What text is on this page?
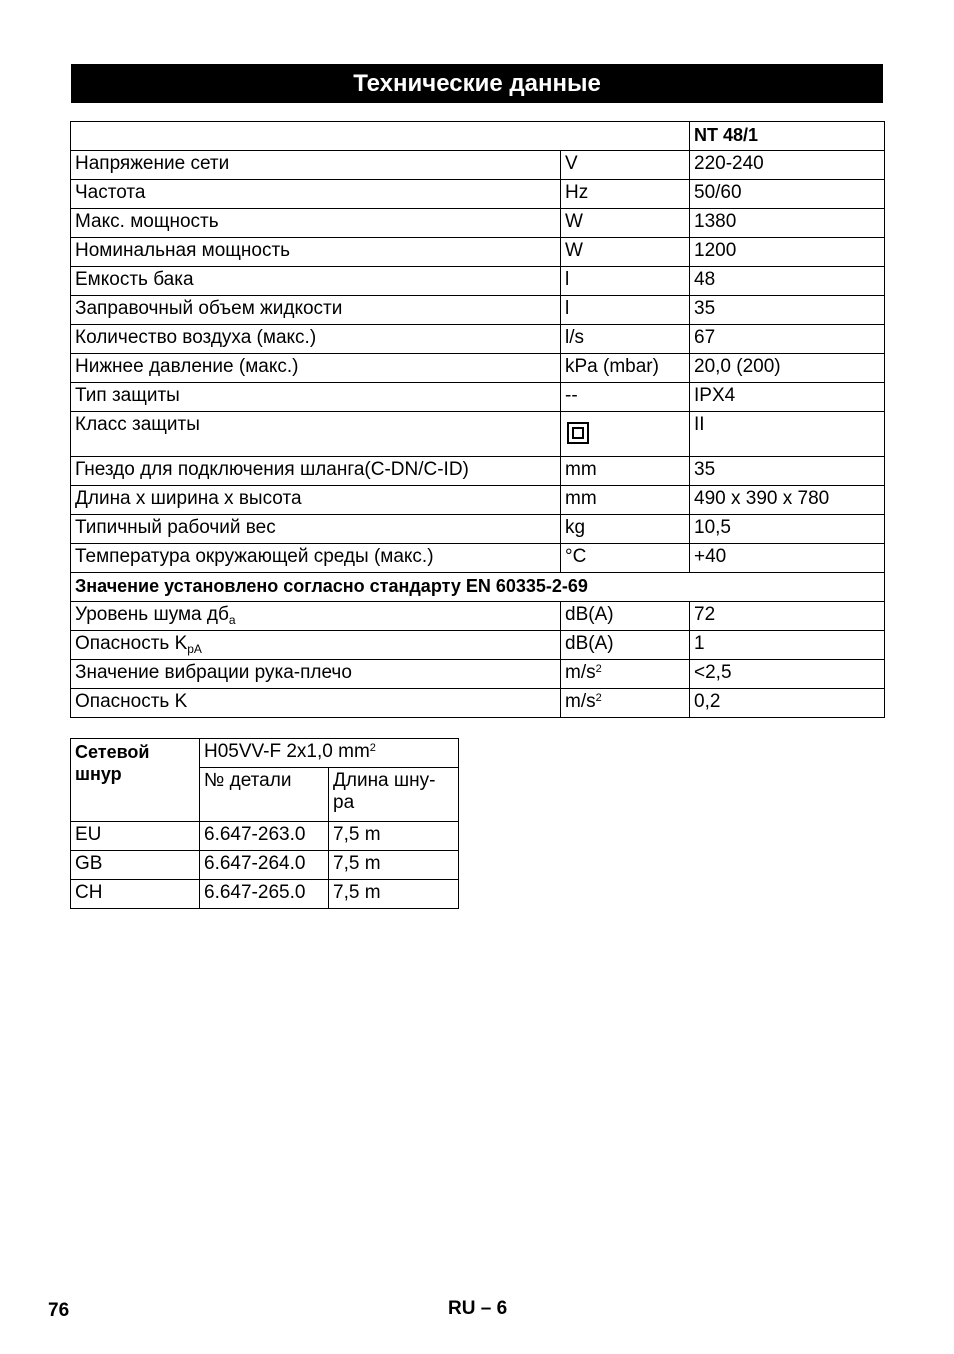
Технические данные
		NT 48/1
Напряжение сети	V	220-240
Частота	Hz	50/60
Макс. мощность	W	1380
Номинальная мощность	W	1200
Емкость бака	l	48
Заправочный объем жидкости	l	35
Количество воздуха (макс.)	l/s	67
Нижнее давление (макс.)	kPa (mbar)	20,0 (200)
Тип защиты	--	IPX4
Класс защиты		II
Гнездо для подключения шланга(C-DN/C-ID)	mm	35
Длина x ширина x высота	mm	490 x 390 x 780
Типичный рабочий вес	kg	10,5
Температура окружающей среды (макс.)	°C	+40
Значение установлено согласно стандарту EN 60335-2-69		
Уровень шума $дб_a$	dB(A)	72
Опасность $K_{pA}$	dB(A)	1
Значение вибрации рука-плечо	$m/s^2$	<2,5
Опасность K	$m/s^2$	0,2
Сетевой шнур	H05VV-F 2x1,0 $mm^2$
	№ детали	Длина шну-ра
EU	6.647-263.0	7,5 m
GB	6.647-264.0	7,5 m
CH	6.647-265.0	7,5 m
76	RU – 6
